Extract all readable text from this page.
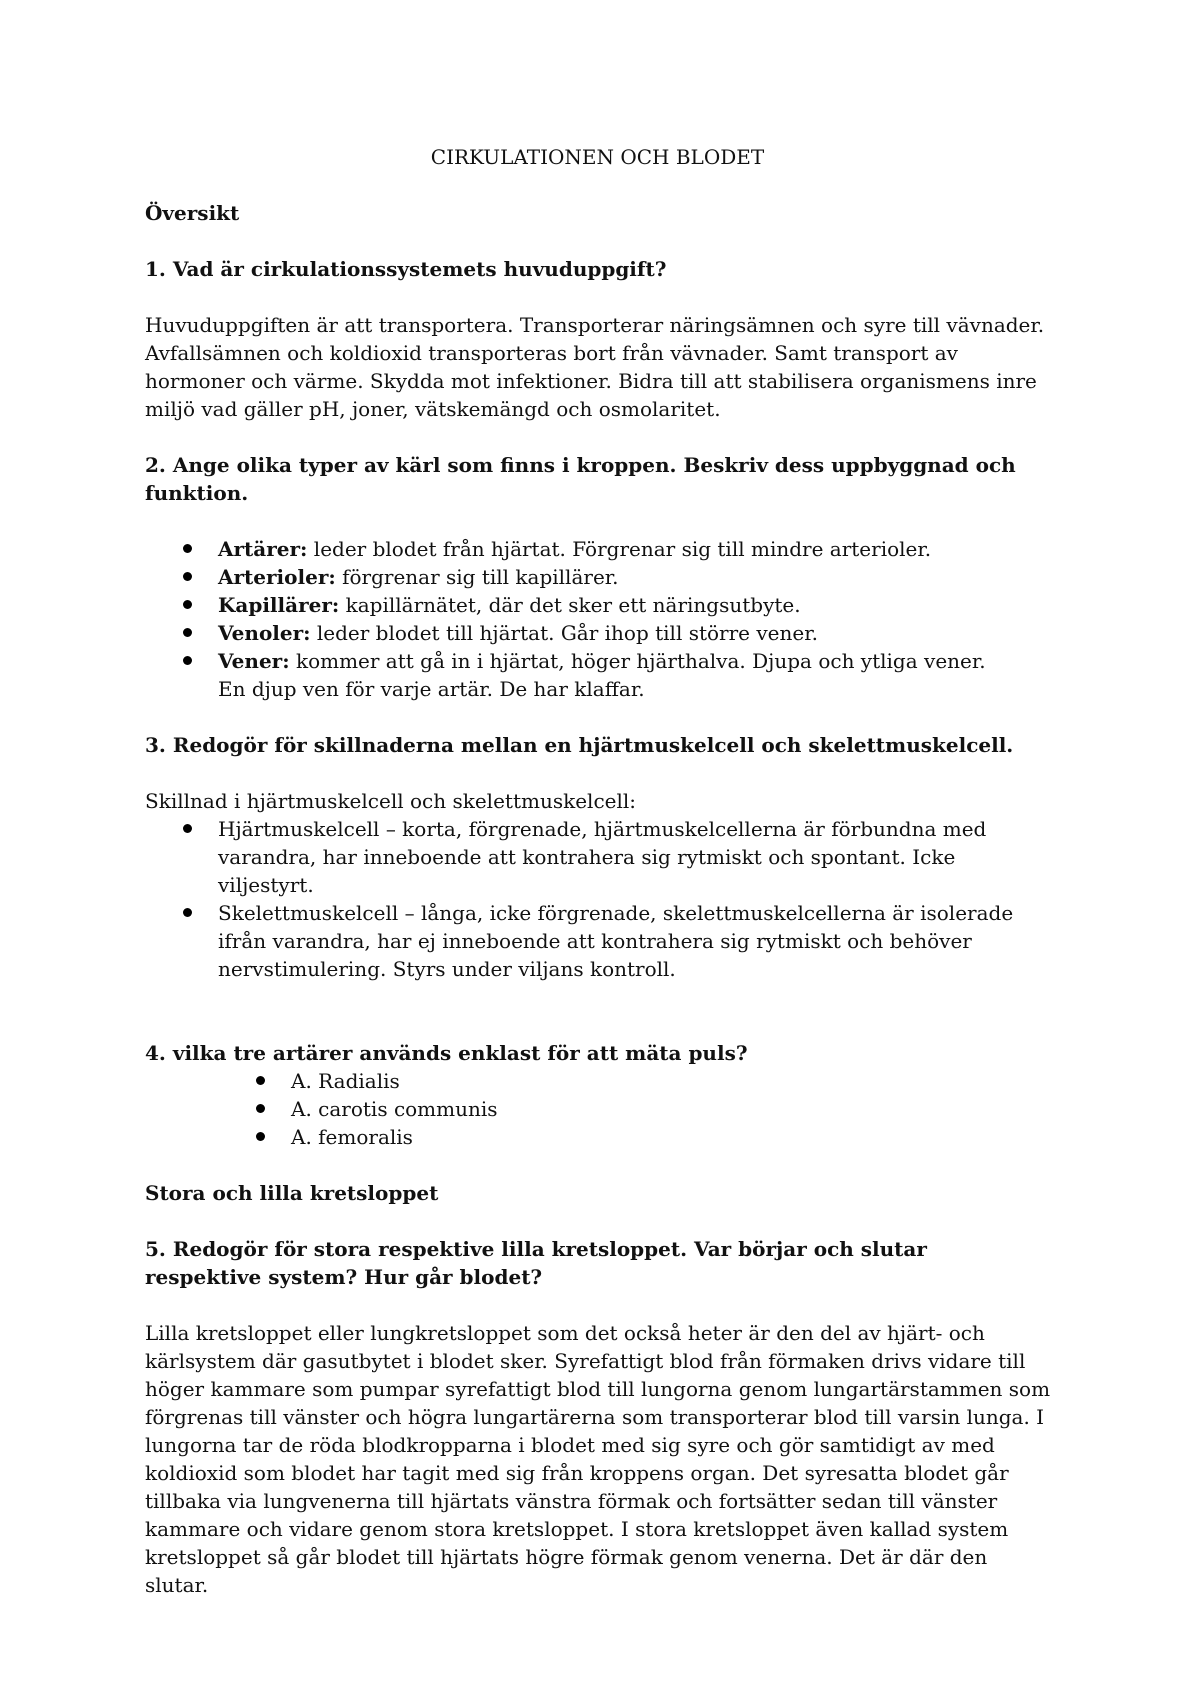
CIRKULATIONEN OCH BLODET

Översikt

1. Vad är cirkulationssystemets huvuduppgift?

Huvuduppgiften är att transportera. Transporterar näringsämnen och syre till vävnader. Avfallsämnen och koldioxid transporteras bort från vävnader. Samt transport av hormoner och värme. Skydda mot infektioner. Bidra till att stabilisera organismens inre miljö vad gäller pH, joner, vätskemängd och osmolaritet.

2. Ange olika typer av kärl som finns i kroppen. Beskriv dess uppbyggnad och funktion.

Artärer: leder blodet från hjärtat. Förgrenar sig till mindre arterioler.
Arterioler: förgrenar sig till kapillärer.
Kapillärer: kapillärnätet, där det sker ett näringsutbyte.
Venoler: leder blodet till hjärtat. Går ihop till större vener.
Vener: kommer att gå in i hjärtat, höger hjärthalva. Djupa och ytliga vener. En djup ven för varje artär. De har klaffar.

3. Redogör för skillnaderna mellan en hjärtmuskelcell och skelettmuskelcell.

Skillnad i hjärtmuskelcell och skelettmuskelcell:

Hjärtmuskelcell – korta, förgrenade, hjärtmuskelcellerna är förbundna med varandra, har inneboende att kontrahera sig rytmiskt och spontant. Icke viljestyrt.
Skelettmuskelcell – långa, icke förgrenade, skelettmuskelcellerna är isolerade ifrån varandra, har ej inneboende att kontrahera sig rytmiskt och behöver nervstimulering. Styrs under viljans kontroll.

4. vilka tre artärer används enklast för att mäta puls?

A. Radialis
A. carotis communis
A. femoralis

Stora och lilla kretsloppet

5. Redogör för stora respektive lilla kretsloppet. Var börjar och slutar respektive system? Hur går blodet?

Lilla kretsloppet eller lungkretsloppet som det också heter är den del av hjärt- och kärlsystem där gasutbytet i blodet sker. Syrefattigt blod från förmaken drivs vidare till höger kammare som pumpar syrefattigt blod till lungorna genom lungartärstammen som förgrenas till vänster och högra lungartärerna som transporterar blod till varsin lunga. I lungorna tar de röda blodkropparna i blodet med sig syre och gör samtidigt av med koldioxid som blodet har tagit med sig från kroppens organ. Det syresatta blodet går tillbaka via lungvenerna till hjärtats vänstra förmak och fortsätter sedan till vänster kammare och vidare genom stora kretsloppet. I stora kretsloppet även kallad system kretsloppet så går blodet till hjärtats högre förmak genom venerna. Det är där den slutar.
